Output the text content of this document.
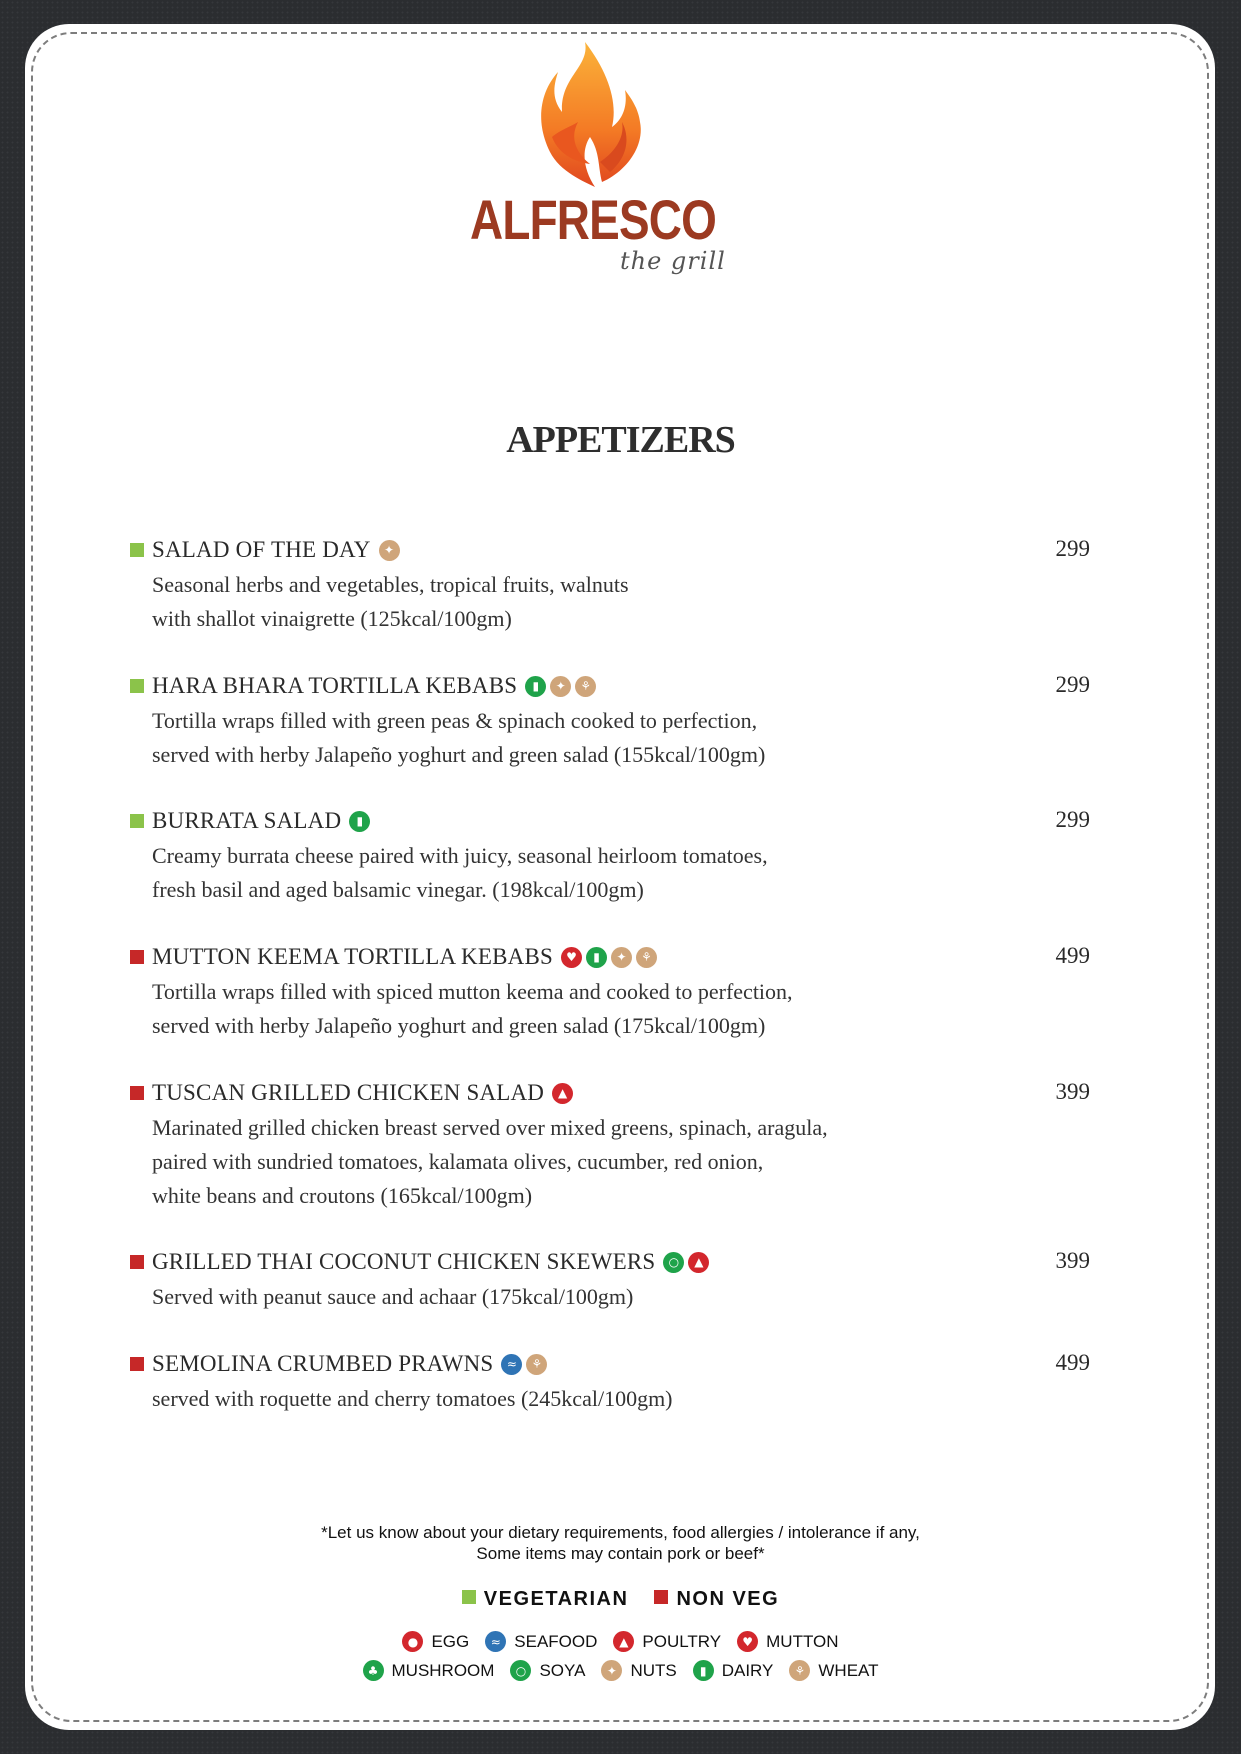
ALFRESCO
the grill
APPETIZERS
SALAD OF THE DAY	✦	299
Seasonal herbs and vegetables, tropical fruits, walnuts
with shallot vinaigrette (125kcal/100gm)
HARA BHARA TORTILLA KEBABS	▮	✦	⚘	299
Tortilla wraps filled with green peas & spinach cooked to perfection,
served with herby Jalapeño yoghurt and green salad (155kcal/100gm)
BURRATA SALAD	▮	299
Creamy burrata cheese paired with juicy, seasonal heirloom tomatoes,
fresh basil and aged balsamic vinegar. (198kcal/100gm)
MUTTON KEEMA TORTILLA KEBABS	♥	▮	✦	⚘	499
Tortilla wraps filled with spiced mutton keema and cooked to perfection,
served with herby Jalapeño yoghurt and green salad (175kcal/100gm)
TUSCAN GRILLED CHICKEN SALAD	▲	399
Marinated grilled chicken breast served over mixed greens, spinach, aragula,
paired with sundried tomatoes, kalamata olives, cucumber, red onion,
white beans and croutons (165kcal/100gm)
GRILLED THAI COCONUT CHICKEN SKEWERS	○	▲	399
Served with peanut sauce and achaar (175kcal/100gm)
SEMOLINA CRUMBED PRAWNS	≈	⚘	499
served with roquette and cherry tomatoes (245kcal/100gm)
*Let us know about your dietary requirements, food allergies / intolerance if any,
Some items may contain pork or beef*
VEGETARIAN	NON VEG
● EGG	≈ SEAFOOD	▲ POULTRY	♥ MUTTON
♣ MUSHROOM	○ SOYA	✦ NUTS	▮ DAIRY	⚘ WHEAT
